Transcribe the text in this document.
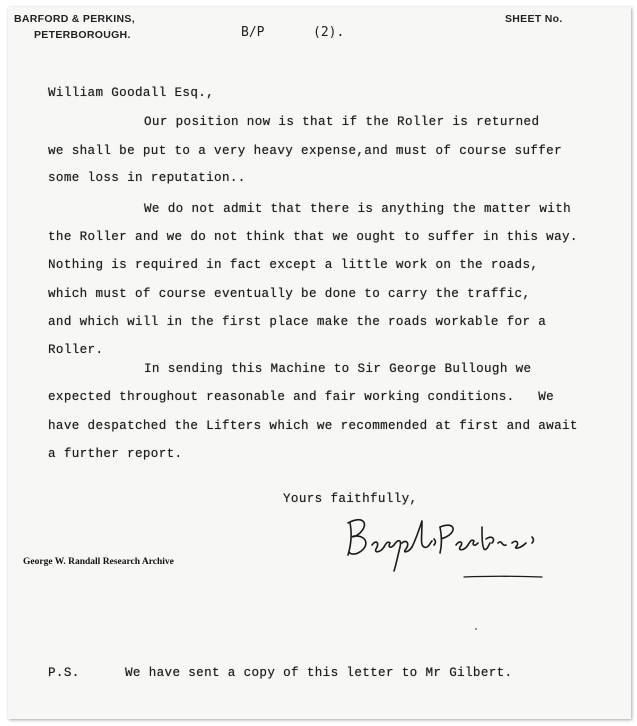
BARFORD & PERKINS,
PETERBOROUGH.
SHEET No.
B/P	(2).
William Goodall Esq.,
Our position now is that if the Roller is returned
we shall be put to a very heavy expense,and must of course suffer
some loss in reputation..
We do not admit that there is anything the matter with
the Roller and we do not think that we ought to suffer in this way.
Nothing is required in fact except a little work on the roads,
which must of course eventually be done to carry the traffic,
and which will in the first place make the roads workable for a
Roller.
In sending this Machine to Sir George Bullough we
expected throughout reasonable and fair working conditions.   We
have despatched the Lifters which we recommended at first and await
a further report.
Yours faithfully,
George W. Randall Research Archive
P.S.	We have sent a copy of this letter to Mr Gilbert.
